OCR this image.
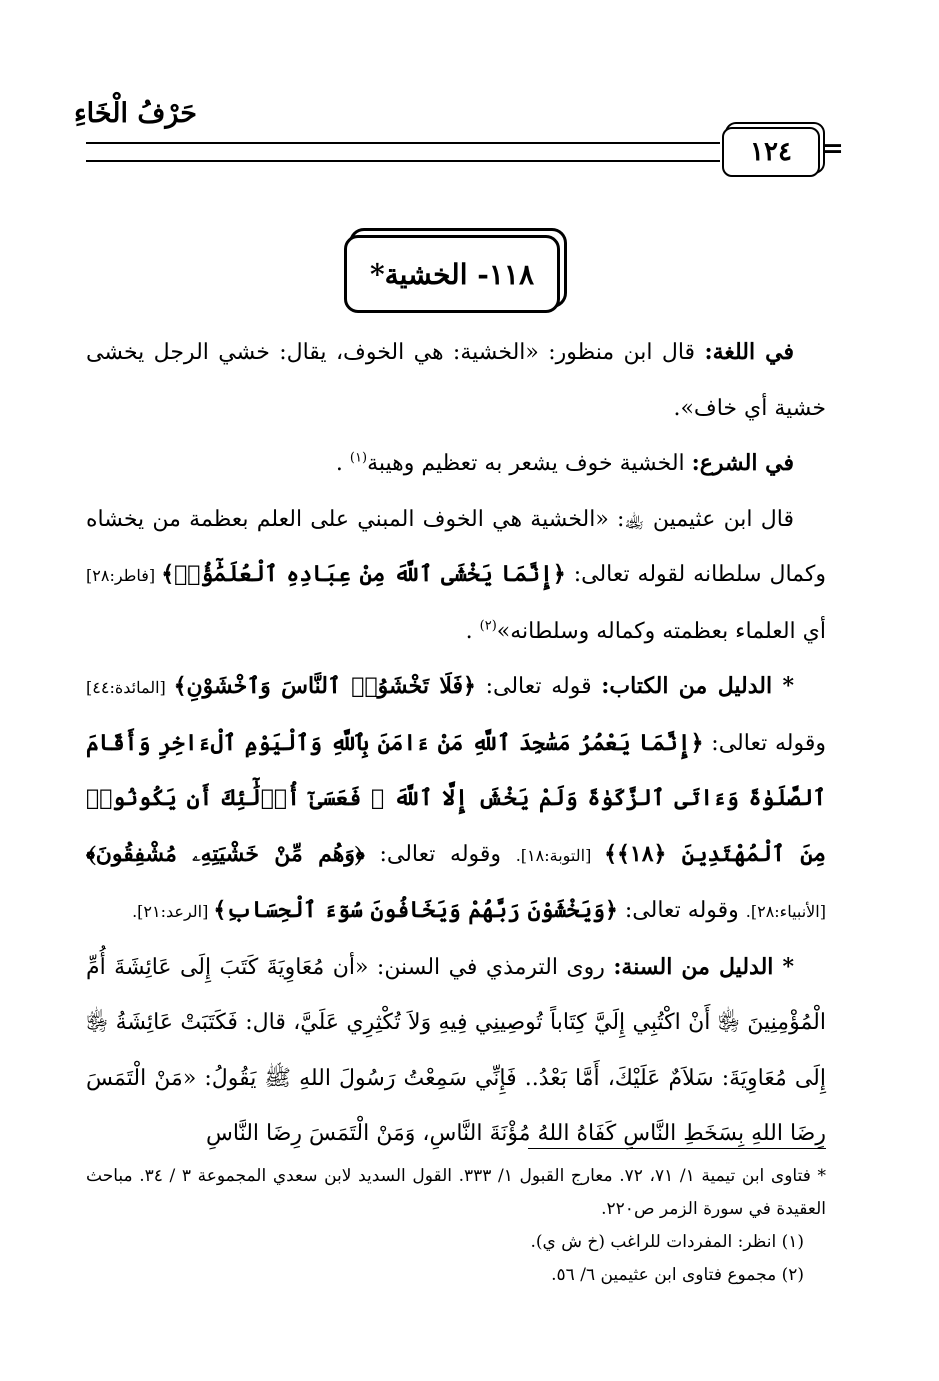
حَرْفُ الْخَاءِ
١٢٤	=
١١٨- الخشية*

في اللغة: قال ابن منظور: «الخشية: هي الخوف، يقال: خشي الرجل يخشى خشية أي خاف».

في الشرع: الخشية خوف يشعر به تعظيم وهيبة$^{(١)}$ .

قال ابن عثيمين ﵀: «الخشية هي الخوف المبني على العلم بعظمة من يخشاه وكمال سلطانه لقوله تعالى: ﴿إِنَّمَا يَخْشَى ٱللَّهَ مِنْ عِبَادِهِ ٱلْعُلَمَٰٓؤُا۟﴾ [فاطر:٢٨] أي العلماء بعظمته وكماله وسلطانه»$^{(٢)}$ .

* الدليل من الكتاب: قوله تعالى: ﴿فَلَا تَخْشَوُا۟ ٱلنَّاسَ وَٱخْشَوْنِ﴾ [المائدة:٤٤] وقوله تعالى: ﴿إِنَّمَا يَعْمُرُ مَسَٰجِدَ ٱللَّهِ مَنْ ءَامَنَ بِٱللَّهِ وَٱلْيَوْمِ ٱلْءَاخِرِ وَأَقَامَ ٱلصَّلَوٰةَ وَءَاتَى ٱلزَّكَوٰةَ وَلَمْ يَخْشَ إِلَّا ٱللَّهَ ۖ فَعَسَىٰٓ أُو۟لَٰٓئِكَ أَن يَكُونُوا۟ مِنَ ٱلْمُهْتَدِينَ ﴿١٨﴾﴾ [التوبة:١٨]. وقوله تعالى: ﴿وَهُم مِّنْ خَشْيَتِهِۦ مُشْفِقُونَ﴾ [الأنبياء:٢٨]. وقوله تعالى: ﴿وَيَخْشَوْنَ رَبَّهُمْ وَيَخَافُونَ سُوٓءَ ٱلْحِسَابِ﴾ [الرعد:٢١].

* الدليل من السنة: روى الترمذي في السنن: «أن مُعَاوِيَةَ كَتَبَ إِلَى عَائِشَةَ أُمِّ الْمُؤْمِنِينَ ﵂ أَنْ اكْتُبِي إِلَيَّ كِتَاباً تُوصِينِي فِيهِ وَلاَ تُكْثِرِي عَلَيَّ، قال: فَكَتَبَتْ عَائِشَةُ ﵂ إِلَى مُعَاوِيَةَ: سَلاَمٌ عَلَيْكَ، أَمَّا بَعْدُ.. فَإِنِّي سَمِعْتُ رَسُولَ اللهِ ﷺ يَقُولُ: «مَنْ الْتَمَسَ رِضَا اللهِ بِسَخَطِ النَّاسِ كَفَاهُ اللهُ مُؤْنَةَ النَّاسِ، وَمَنْ الْتَمَسَ رِضَا النَّاسِ

* فتاوى ابن تيمية ١/ ٧١، ٧٢. معارج القبول ١/ ٣٣٣. القول السديد لابن سعدي المجموعة ٣ / ٣٤. مباحث العقيدة في سورة الزمر ص٢٢٠.

(١) انظر: المفردات للراغب (خ ش ي).

(٢) مجموع فتاوى ابن عثيمين ٦/ ٥٦.
